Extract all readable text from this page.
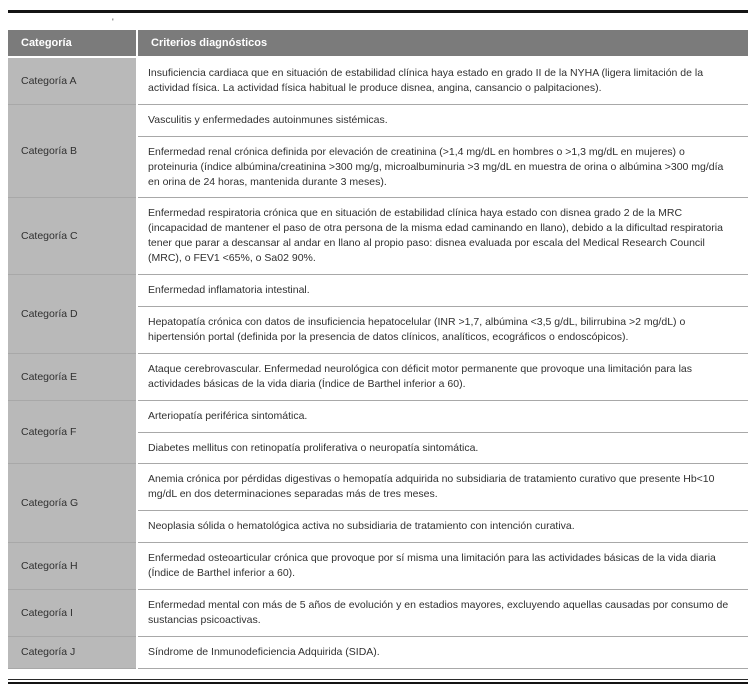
'
Categoría	Criterios diagnósticos
Categoría A	Insuficiencia cardiaca que en situación de estabilidad clínica haya estado en grado II de la NYHA (ligera limitación de la actividad física. La actividad física habitual le produce disnea, angina, cansancio o palpitaciones).
Categoría B	Vasculitis y enfermedades autoinmunes sistémicas.
	Enfermedad renal crónica definida por elevación de creatinina (>1,4 mg/dL en hombres o >1,3 mg/dL en mujeres) o proteinuria (índice albúmina/creatinina >300 mg/g, microalbuminuria >3 mg/dL en muestra de orina o albúmina >300 mg/día en orina de 24 horas, mantenida durante 3 meses).
Categoría C	Enfermedad respiratoria crónica que en situación de estabilidad clínica haya estado con disnea grado 2 de la MRC (incapacidad de mantener el paso de otra persona de la misma edad caminando en llano), debido a la dificultad respiratoria tener que parar a descansar al andar en llano al propio paso: disnea evaluada por escala del Medical Research Council (MRC), o FEV1 <65%, o Sa02 90%.
Categoría D	Enfermedad inflamatoria intestinal.
	Hepatopatía crónica con datos de insuficiencia hepatocelular (INR >1,7, albúmina <3,5 g/dL, bilirrubina >2 mg/dL) o hipertensión portal (definida por la presencia de datos clínicos, analíticos, ecográficos o endoscópicos).
Categoría E	Ataque cerebrovascular. Enfermedad neurológica con déficit motor permanente que provoque una limitación para las actividades básicas de la vida diaria (Índice de Barthel inferior a 60).
Categoría F	Arteriopatía periférica sintomática.
	Diabetes mellitus con retinopatía proliferativa o neuropatía sintomática.
Categoría G	Anemia crónica por pérdidas digestivas o hemopatía adquirida no subsidiaria de tratamiento curativo que presente Hb<10 mg/dL en dos determinaciones separadas más de tres meses.
	Neoplasia sólida o hematológica activa no subsidiaria de tratamiento con intención curativa.
Categoría H	Enfermedad osteoarticular crónica que provoque por sí misma una limitación para las actividades básicas de la vida diaria (Índice de Barthel inferior a 60).
Categoría I	Enfermedad mental con más de 5 años de evolución y en estadios mayores, excluyendo aquellas causadas por consumo de sustancias psicoactivas.
Categoría J	Síndrome de Inmunodeficiencia Adquirida (SIDA).
